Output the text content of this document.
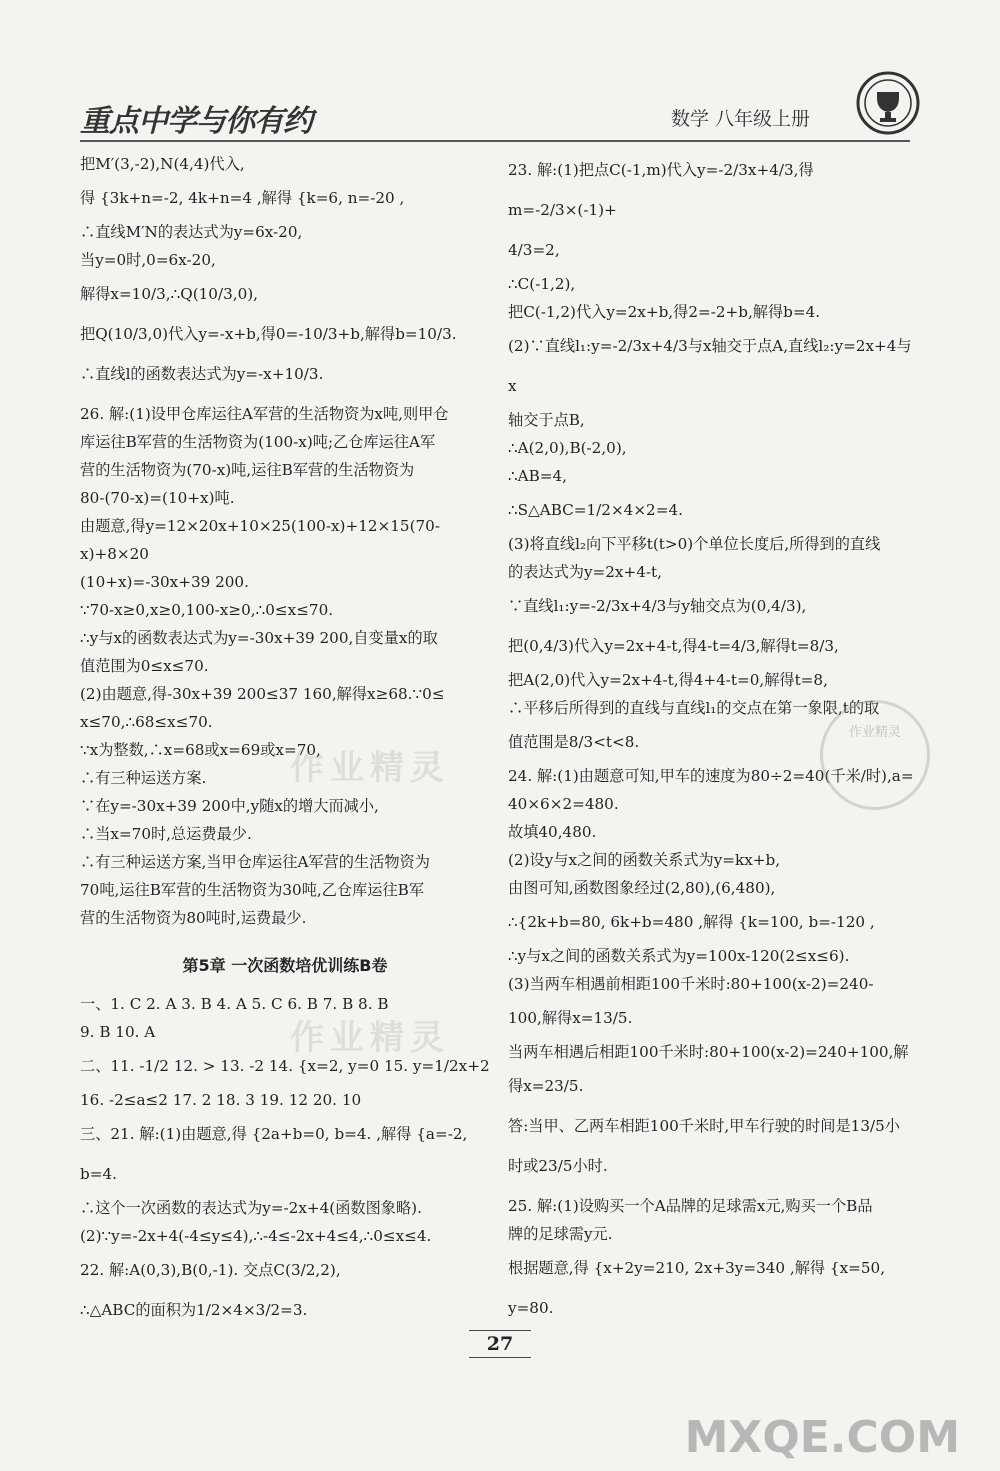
重点中学与你有约	数学 八年级上册

把M′(3,-2),N(4,4)代入,

得 {3k+n=-2, 4k+n=4 ,解得 {k=6, n=-20 ,

∴直线M′N的表达式为y=6x-20,

当y=0时,0=6x-20,

解得x=10/3,∴Q(10/3,0),

把Q(10/3,0)代入y=-x+b,得0=-10/3+b,解得b=10/3.

∴直线l的函数表达式为y=-x+10/3.

26. 解:(1)设甲仓库运往A军营的生活物资为x吨,则甲仓

库运往B军营的生活物资为(100-x)吨;乙仓库运往A军

营的生活物资为(70-x)吨,运往B军营的生活物资为

80-(70-x)=(10+x)吨.

由题意,得y=12×20x+10×25(100-x)+12×15(70-x)+8×20

(10+x)=-30x+39 200.

∵70-x≥0,x≥0,100-x≥0,∴0≤x≤70.

∴y与x的函数表达式为y=-30x+39 200,自变量x的取

值范围为0≤x≤70.

(2)由题意,得-30x+39 200≤37 160,解得x≥68.∵0≤

x≤70,∴68≤x≤70.

∵x为整数,∴x=68或x=69或x=70,

∴有三种运送方案.

∵在y=-30x+39 200中,y随x的增大而减小,

∴当x=70时,总运费最少.

∴有三种运送方案,当甲仓库运往A军营的生活物资为

70吨,运往B军营的生活物资为30吨,乙仓库运往B军

营的生活物资为80吨时,运费最少.

第5章 一次函数培优训练B卷

一、1. C 2. A 3. B 4. A 5. C 6. B 7. B 8. B

9. B 10. A

二、11. -1/2 12. > 13. -2 14. {x=2, y=0 15. y=1/2x+2

16. -2≤a≤2 17. 2 18. 3 19. 12 20. 10

三、21. 解:(1)由题意,得 {2a+b=0, b=4. ,解得 {a=-2, b=4.

∴这个一次函数的表达式为y=-2x+4(函数图象略).

(2)∵y=-2x+4(-4≤y≤4),∴-4≤-2x+4≤4,∴0≤x≤4.

22. 解:A(0,3),B(0,-1). 交点C(3/2,2),

∴△ABC的面积为1/2×4×3/2=3.

23. 解:(1)把点C(-1,m)代入y=-2/3x+4/3,得m=-2/3×(-1)+

4/3=2,

∴C(-1,2),

把C(-1,2)代入y=2x+b,得2=-2+b,解得b=4.

(2)∵直线l₁:y=-2/3x+4/3与x轴交于点A,直线l₂:y=2x+4与x

轴交于点B,

∴A(2,0),B(-2,0),

∴AB=4,

∴S△ABC=1/2×4×2=4.

(3)将直线l₂向下平移t(t>0)个单位长度后,所得到的直线

的表达式为y=2x+4-t,

∵直线l₁:y=-2/3x+4/3与y轴交点为(0,4/3),

把(0,4/3)代入y=2x+4-t,得4-t=4/3,解得t=8/3,

把A(2,0)代入y=2x+4-t,得4+4-t=0,解得t=8,

∴平移后所得到的直线与直线l₁的交点在第一象限,t的取

值范围是8/3<t<8.

24. 解:(1)由题意可知,甲车的速度为80÷2=40(千米/时),a=

40×6×2=480.

故填40,480.

(2)设y与x之间的函数关系式为y=kx+b,

由图可知,函数图象经过(2,80),(6,480),

∴{2k+b=80, 6k+b=480 ,解得 {k=100, b=-120 ,

∴y与x之间的函数关系式为y=100x-120(2≤x≤6).

(3)当两车相遇前相距100千米时:80+100(x-2)=240-

100,解得x=13/5.

当两车相遇后相距100千米时:80+100(x-2)=240+100,解

得x=23/5.

答:当甲、乙两车相距100千米时,甲车行驶的时间是13/5小

时或23/5小时.

25. 解:(1)设购买一个A品牌的足球需x元,购买一个B品

牌的足球需y元.

根据题意,得 {x+2y=210, 2x+3y=340 ,解得 {x=50, y=80.

作业精灵
作业精灵
作业精灵
27
MXQE.COM
